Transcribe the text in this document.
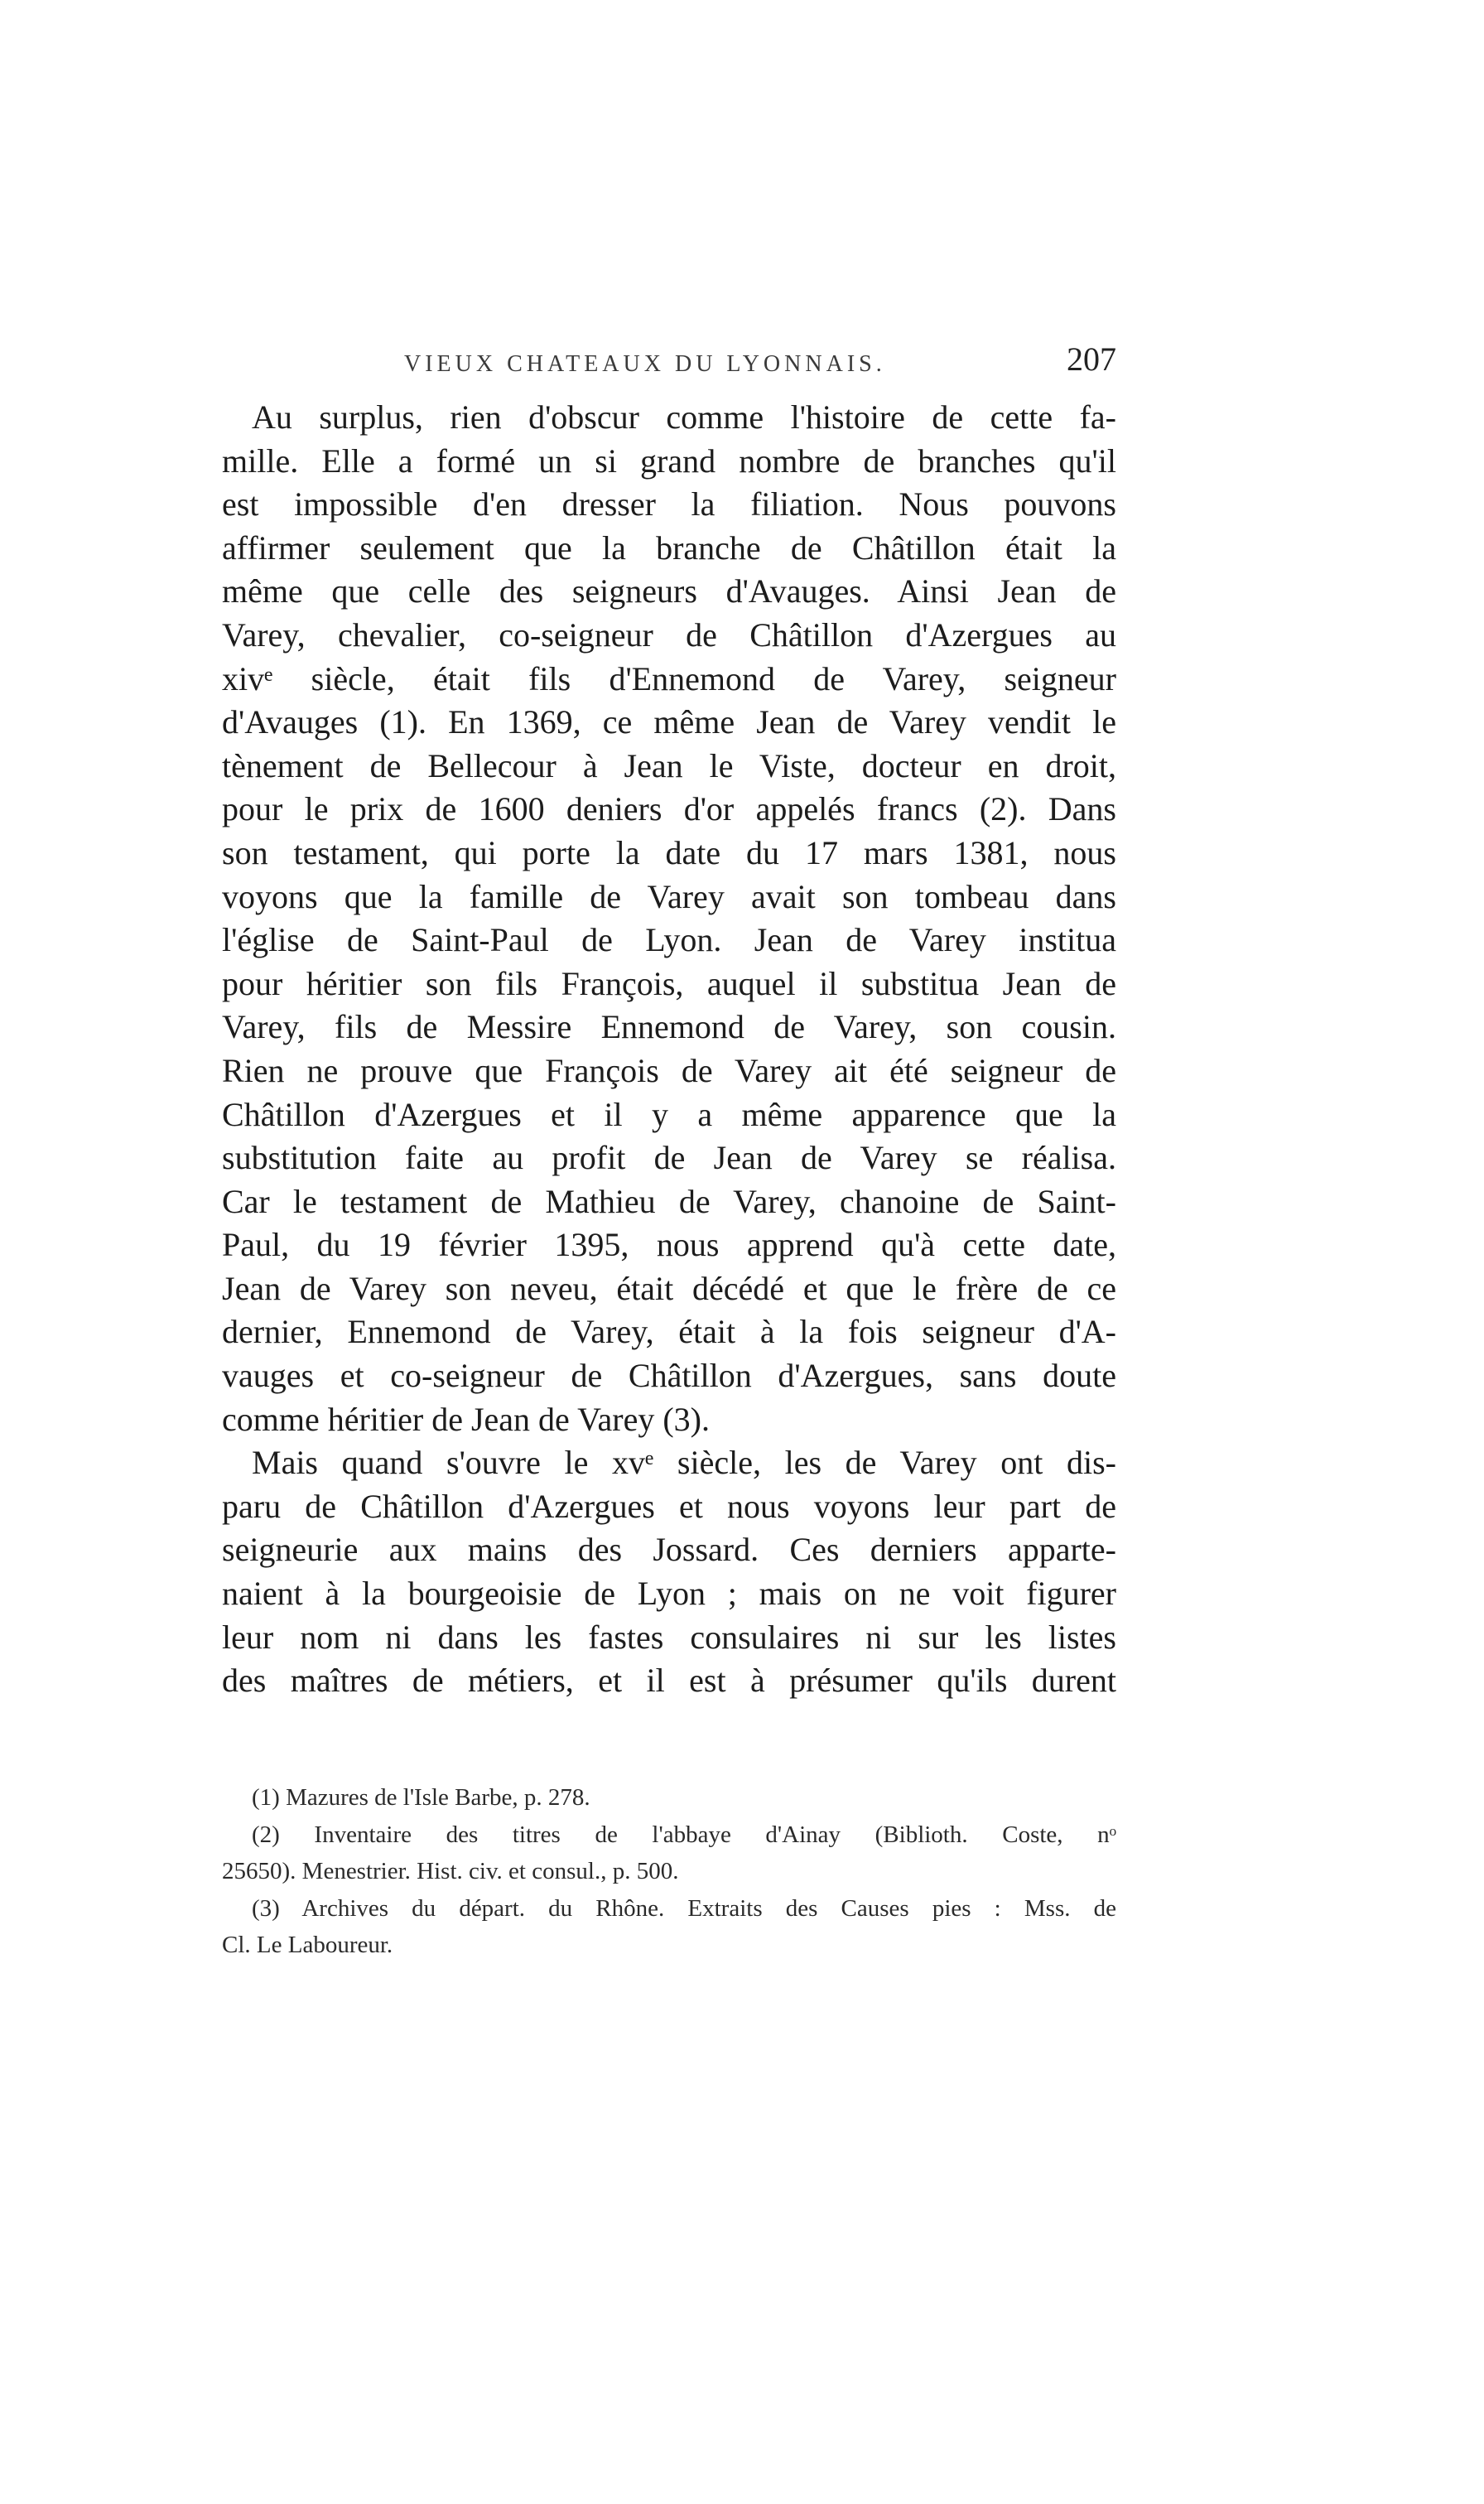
VIEUX CHATEAUX DU LYONNAIS.	207
Au surplus, rien d'obscur comme l'histoire de cette fa-
mille. Elle a formé un si grand nombre de branches qu'il
est impossible d'en dresser la filiation. Nous pouvons
affirmer seulement que la branche de Châtillon était la
même que celle des seigneurs d'Avauges. Ainsi Jean de
Varey, chevalier, co-seigneur de Châtillon d'Azergues au
xivᵉ siècle, était fils d'Ennemond de Varey, seigneur
d'Avauges (1). En 1369, ce même Jean de Varey vendit le
tènement de Bellecour à Jean le Viste, docteur en droit,
pour le prix de 1600 deniers d'or appelés francs (2). Dans
son testament, qui porte la date du 17 mars 1381, nous
voyons que la famille de Varey avait son tombeau dans
l'église de Saint-Paul de Lyon. Jean de Varey institua
pour héritier son fils François, auquel il substitua Jean de
Varey, fils de Messire Ennemond de Varey, son cousin.
Rien ne prouve que François de Varey ait été seigneur de
Châtillon d'Azergues et il y a même apparence que la
substitution faite au profit de Jean de Varey se réalisa.
Car le testament de Mathieu de Varey, chanoine de Saint-
Paul, du 19 février 1395, nous apprend qu'à cette date,
Jean de Varey son neveu, était décédé et que le frère de ce
dernier, Ennemond de Varey, était à la fois seigneur d'A-
vauges et co-seigneur de Châtillon d'Azergues, sans doute
comme héritier de Jean de Varey (3).
Mais quand s'ouvre le xvᵉ siècle, les de Varey ont dis-
paru de Châtillon d'Azergues et nous voyons leur part de
seigneurie aux mains des Jossard. Ces derniers apparte-
naient à la bourgeoisie de Lyon ; mais on ne voit figurer
leur nom ni dans les fastes consulaires ni sur les listes
des maîtres de métiers, et il est à présumer qu'ils durent
(1) Mazures de l'Isle Barbe, p. 278.
(2) Inventaire des titres de l'abbaye d'Ainay (Biblioth. Coste, nᵒ
25650). Menestrier. Hist. civ. et consul., p. 500.
(3) Archives du départ. du Rhône. Extraits des Causes pies : Mss. de
Cl. Le Laboureur.
